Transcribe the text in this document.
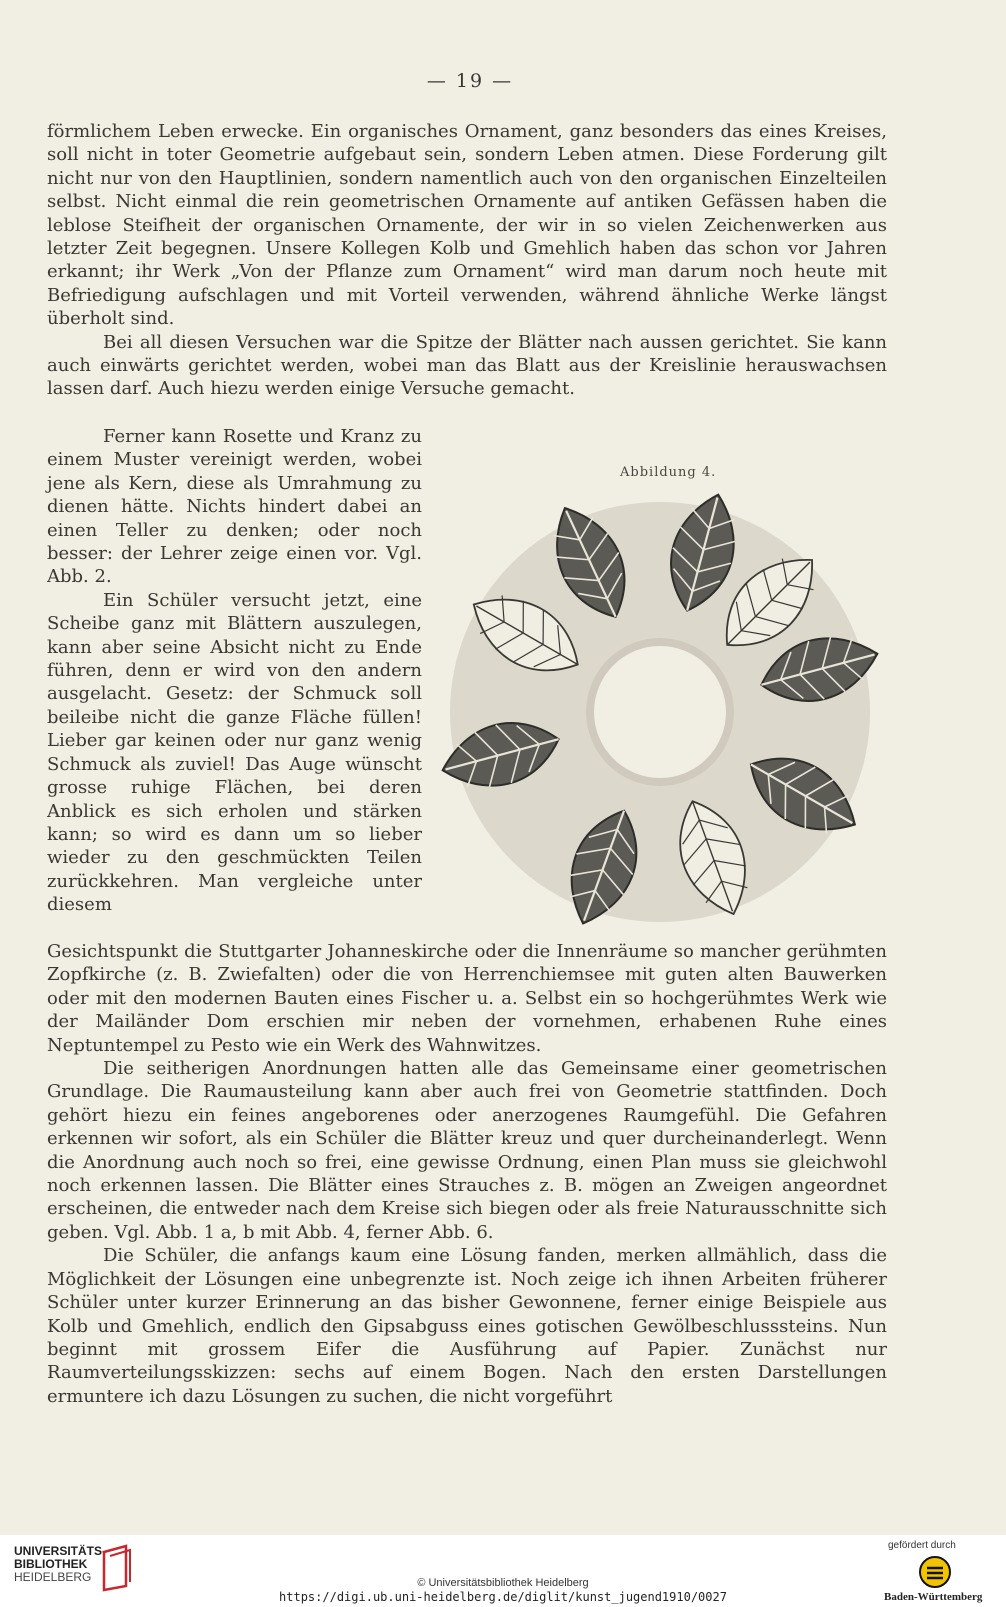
— 19 —

förmlichem Leben erwecke. Ein organisches Ornament, ganz besonders das eines Kreises, soll nicht in toter Geometrie aufgebaut sein, sondern Leben atmen. Diese Forderung gilt nicht nur von den Hauptlinien, sondern namentlich auch von den organischen Einzelteilen selbst. Nicht einmal die rein geometrischen Ornamente auf antiken Gefässen haben die leblose Steifheit der organischen Ornamente, der wir in so vielen Zeichenwerken aus letzter Zeit begegnen. Unsere Kollegen Kolb und Gmehlich haben das schon vor Jahren erkannt; ihr Werk „Von der Pflanze zum Ornament“ wird man darum noch heute mit Befriedigung aufschlagen und mit Vorteil verwenden, während ähnliche Werke längst überholt sind.

Bei all diesen Versuchen war die Spitze der Blätter nach aussen gerichtet. Sie kann auch einwärts gerichtet werden, wobei man das Blatt aus der Kreislinie herauswachsen lassen darf. Auch hiezu werden einige Versuche gemacht.

Ferner kann Rosette und Kranz zu einem Muster vereinigt werden, wobei jene als Kern, diese als Umrahmung zu dienen hätte. Nichts hindert dabei an einen Teller zu denken; oder noch besser: der Lehrer zeige einen vor. Vgl. Abb. 2.

Ein Schüler versucht jetzt, eine Scheibe ganz mit Blättern auszulegen, kann aber seine Absicht nicht zu Ende führen, denn er wird von den andern ausgelacht. Gesetz: der Schmuck soll beileibe nicht die ganze Fläche füllen! Lieber gar keinen oder nur ganz wenig Schmuck als zuviel! Das Auge wünscht grosse ruhige Flächen, bei deren Anblick es sich erholen und stärken kann; so wird es dann um so lieber wieder zu den geschmückten Teilen zurückkehren. Man vergleiche unter diesem

Abbildung 4.

Gesichtspunkt die Stuttgarter Johanneskirche oder die Innenräume so mancher gerühmten Zopfkirche (z. B. Zwiefalten) oder die von Herrenchiemsee mit guten alten Bauwerken oder mit den modernen Bauten eines Fischer u. a. Selbst ein so hochgerühmtes Werk wie der Mailänder Dom erschien mir neben der vornehmen, erhabenen Ruhe eines Neptuntempel zu Pesto wie ein Werk des Wahnwitzes.

Die seitherigen Anordnungen hatten alle das Gemeinsame einer geometrischen Grundlage. Die Raumausteilung kann aber auch frei von Geometrie stattfinden. Doch gehört hiezu ein feines angeborenes oder anerzogenes Raumgefühl. Die Gefahren erkennen wir sofort, als ein Schüler die Blätter kreuz und quer durcheinanderlegt. Wenn die Anordnung auch noch so frei, eine gewisse Ordnung, einen Plan muss sie gleichwohl noch erkennen lassen. Die Blätter eines Strauches z. B. mögen an Zweigen angeordnet erscheinen, die entweder nach dem Kreise sich biegen oder als freie Naturausschnitte sich geben. Vgl. Abb. 1 a, b mit Abb. 4, ferner Abb. 6.

Die Schüler, die anfangs kaum eine Lösung fanden, merken allmählich, dass die Möglichkeit der Lösungen eine unbegrenzte ist. Noch zeige ich ihnen Arbeiten früherer Schüler unter kurzer Erinnerung an das bisher Gewonnene, ferner einige Beispiele aus Kolb und Gmehlich, endlich den Gipsabguss eines gotischen Gewölbeschlusssteins. Nun beginnt mit grossem Eifer die Ausführung auf Papier. Zunächst nur Raumverteilungsskizzen: sechs auf einem Bogen. Nach den ersten Darstellungen ermuntere ich dazu Lösungen zu suchen, die nicht vorgeführt

UNIVERSITÄTS-
BIBLIOTHEK
HEIDELBERG	© Universitätsbibliothek Heidelberg
https://digi.ub.uni-heidelberg.de/diglit/kunst_jugend1910/0027
gefördert durch
Baden-Württemberg
